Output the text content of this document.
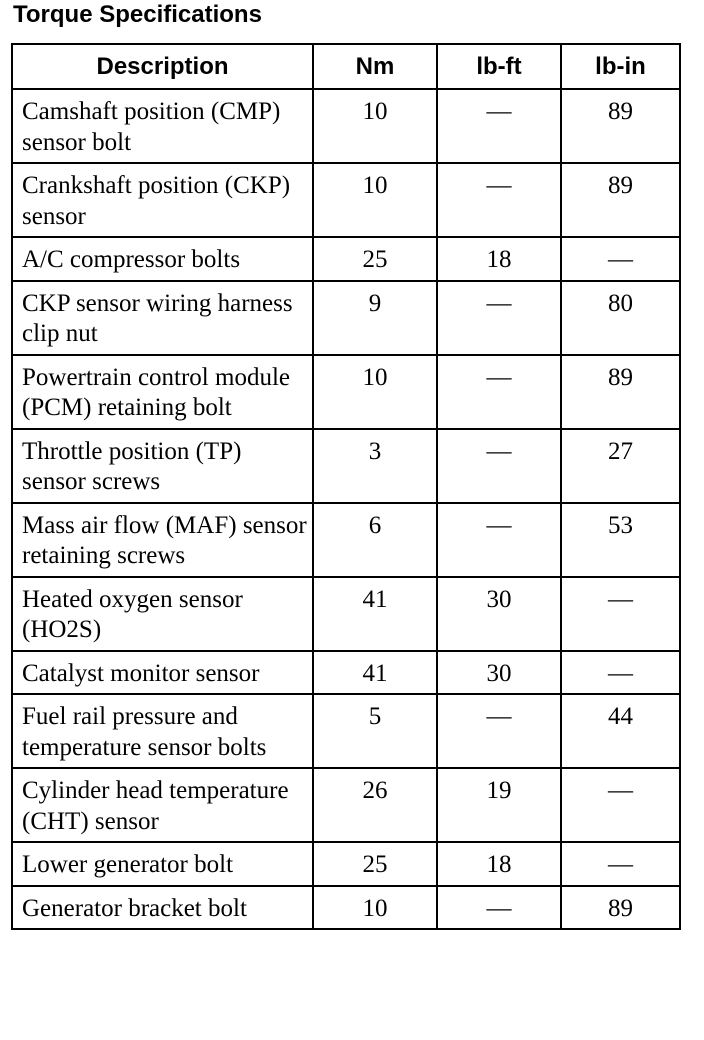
Torque Specifications
Description	Nm	lb-ft	lb-in
Camshaft position (CMP) sensor bolt	10	—	89
Crankshaft position (CKP) sensor	10	—	89
A/C compressor bolts	25	18	—
CKP sensor wiring harness clip nut	9	—	80
Powertrain control module (PCM) retaining bolt	10	—	89
Throttle position (TP) sensor screws	3	—	27
Mass air flow (MAF) sensor retaining screws	6	—	53
Heated oxygen sensor (HO2S)	41	30	—
Catalyst monitor sensor	41	30	—
Fuel rail pressure and temperature sensor bolts	5	—	44
Cylinder head temperature (CHT) sensor	26	19	—
Lower generator bolt	25	18	—
Generator bracket bolt	10	—	89
